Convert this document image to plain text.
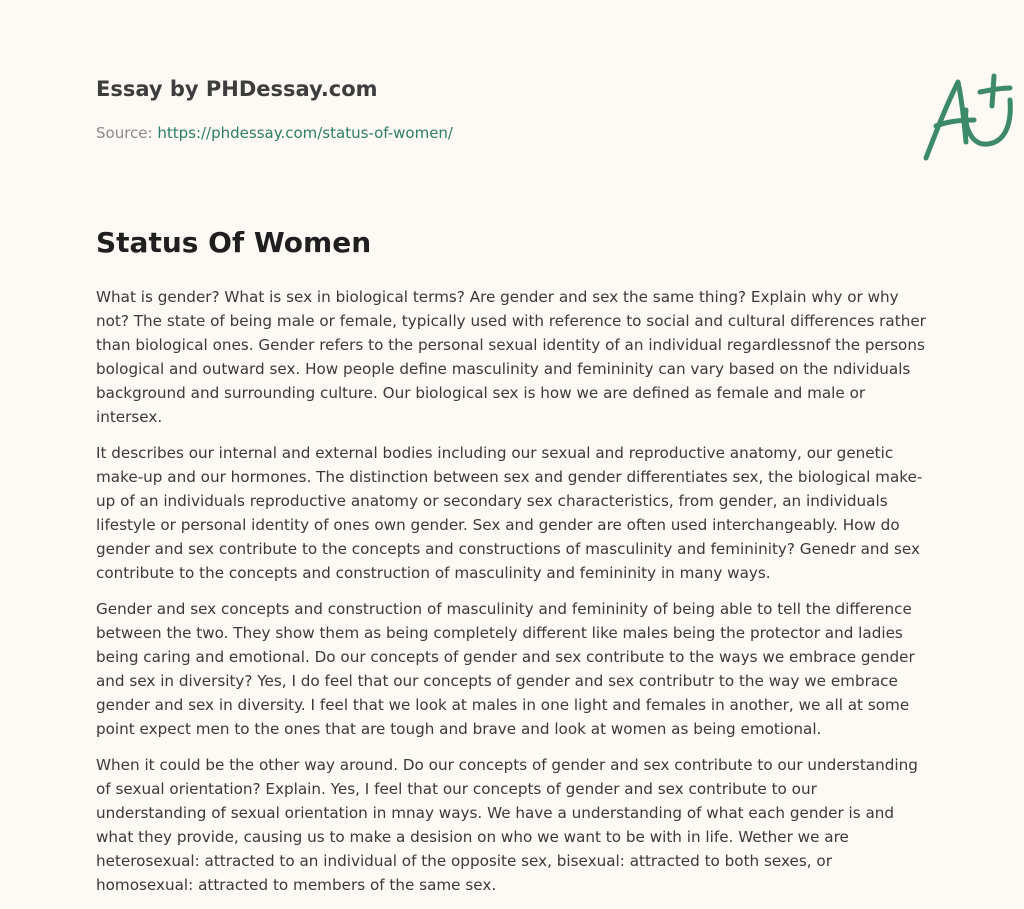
Essay by PHDessay.com
Source: https://phdessay.com/status-of-women/
Status Of Women

What is gender? What is sex in biological terms? Are gender and sex the same thing? Explain why or why not? The state of being male or female, typically used with reference to social and cultural differences rather than biological ones. Gender refers to the personal sexual identity of an individual regardlessnof the persons bological and outward sex. How people define masculinity and femininity can vary based on the ndividuals background and surrounding culture. Our biological sex is how we are defined as female and male or intersex.

It describes our internal and external bodies including our sexual and reproductive anatomy, our genetic make-up and our hormones. The distinction between sex and gender differentiates sex, the biological make-up of an individuals reproductive anatomy or secondary sex characteristics, from gender, an individuals lifestyle or personal identity of ones own gender. Sex and gender are often used interchangeably. How do gender and sex contribute to the concepts and constructions of masculinity and femininity? Genedr and sex contribute to the concepts and construction of masculinity and femininity in many ways.

Gender and sex concepts and construction of masculinity and femininity of being able to tell the difference between the two. They show them as being completely different like males being the protector and ladies being caring and emotional. Do our concepts of gender and sex contribute to the ways we embrace gender and sex in diversity? Yes, I do feel that our concepts of gender and sex contributr to the way we embrace gender and sex in diversity. I feel that we look at males in one light and females in another, we all at some point expect men to the ones that are tough and brave and look at women as being emotional.

When it could be the other way around. Do our concepts of gender and sex contribute to our understanding of sexual orientation? Explain. Yes, I feel that our concepts of gender and sex contribute to our understanding of sexual orientation in mnay ways. We have a understanding of what each gender is and what they provide, causing us to make a desision on who we want to be with in life. Wether we are heterosexual: attracted to an individual of the opposite sex, bisexual: attracted to both sexes, or homosexual: attracted to members of the same sex.
